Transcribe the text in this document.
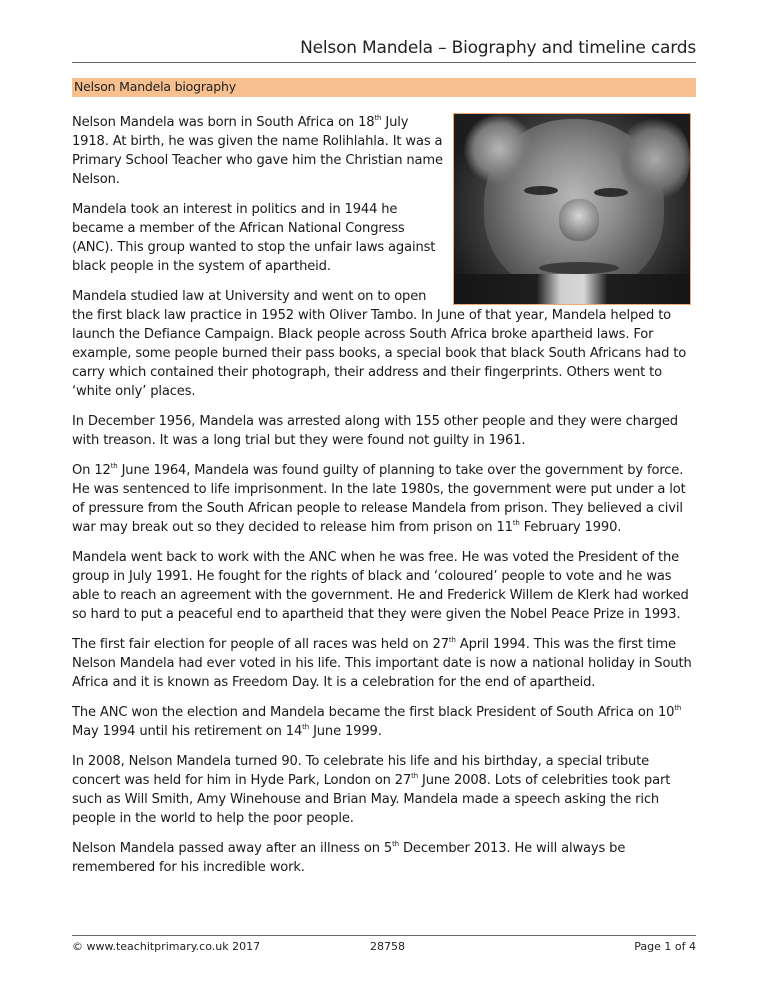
Nelson Mandela – Biography and timeline cards
Nelson Mandela biography

Nelson Mandela was born in South Africa on 18th July 1918. At birth, he was given the name Rolihlahla. It was a Primary School Teacher who gave him the Christian name Nelson.

Mandela took an interest in politics and in 1944 he became a member of the African National Congress (ANC). This group wanted to stop the unfair laws against black people in the system of apartheid.

Mandela studied law at University and went on to open the first black law practice in 1952 with Oliver Tambo. In June of that year, Mandela helped to launch the Defiance Campaign. Black people across South Africa broke apartheid laws. For example, some people burned their pass books, a special book that black South Africans had to carry which contained their photograph, their address and their fingerprints. Others went to ‘white only’ places.

In December 1956, Mandela was arrested along with 155 other people and they were charged with treason. It was a long trial but they were found not guilty in 1961.

On 12th June 1964, Mandela was found guilty of planning to take over the government by force. He was sentenced to life imprisonment. In the late 1980s, the government were put under a lot of pressure from the South African people to release Mandela from prison. They believed a civil war may break out so they decided to release him from prison on 11th February 1990.

Mandela went back to work with the ANC when he was free. He was voted the President of the group in July 1991. He fought for the rights of black and ‘coloured’ people to vote and he was able to reach an agreement with the government. He and Frederick Willem de Klerk had worked so hard to put a peaceful end to apartheid that they were given the Nobel Peace Prize in 1993.

The first fair election for people of all races was held on 27th April 1994. This was the first time Nelson Mandela had ever voted in his life. This important date is now a national holiday in South Africa and it is known as Freedom Day. It is a celebration for the end of apartheid.

The ANC won the election and Mandela became the first black President of South Africa on 10th May 1994 until his retirement on 14th June 1999.

In 2008, Nelson Mandela turned 90. To celebrate his life and his birthday, a special tribute concert was held for him in Hyde Park, London on 27th June 2008. Lots of celebrities took part such as Will Smith, Amy Winehouse and Brian May. Mandela made a speech asking the rich people in the world to help the poor people.

Nelson Mandela passed away after an illness on 5th December 2013. He will always be remembered for his incredible work.

© www.teachitprimary.co.uk 2017	28758	Page 1 of 4
